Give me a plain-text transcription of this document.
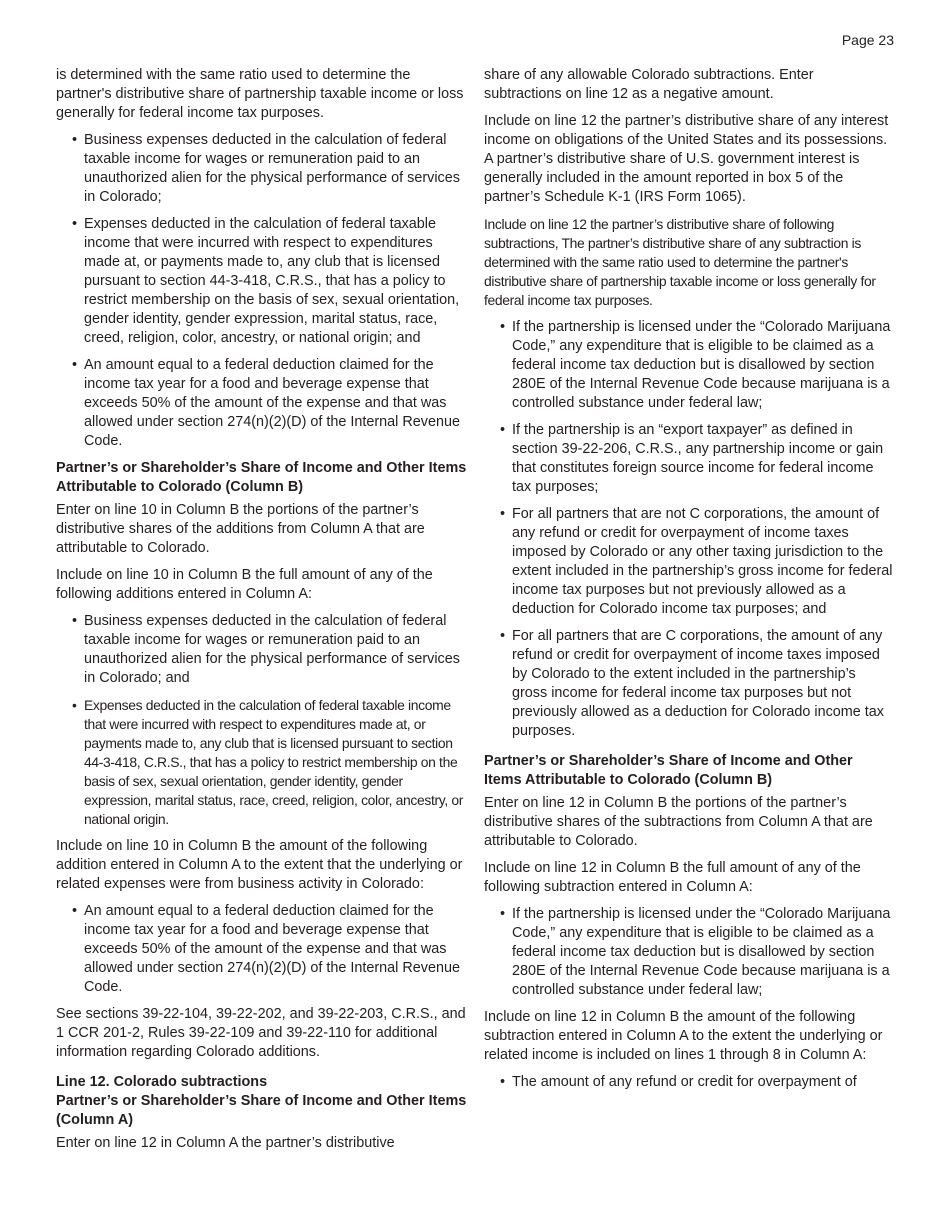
Page 23

is determined with the same ratio used to determine the partner's distributive share of partnership taxable income or loss generally for federal income tax purposes.

• Business expenses deducted in the calculation of federal taxable income for wages or remuneration paid to an unauthorized alien for the physical performance of services in Colorado;
• Expenses deducted in the calculation of federal taxable income that were incurred with respect to expenditures made at, or payments made to, any club that is licensed pursuant to section 44-3-418, C.R.S., that has a policy to restrict membership on the basis of sex, sexual orientation, gender identity, gender expression, marital status, race, creed, religion, color, ancestry, or national origin; and
• An amount equal to a federal deduction claimed for the income tax year for a food and beverage expense that exceeds 50% of the amount of the expense and that was allowed under section 274(n)(2)(D) of the Internal Revenue Code.
Partner’s or Shareholder’s Share of Income and Other Items Attributable to Colorado (Column B)

Enter on line 10 in Column B the portions of the partner’s distributive shares of the additions from Column A that are attributable to Colorado.

Include on line 10 in Column B the full amount of any of the following additions entered in Column A:

• Business expenses deducted in the calculation of federal taxable income for wages or remuneration paid to an unauthorized alien for the physical performance of services in Colorado; and
• Expenses deducted in the calculation of federal taxable income that were incurred with respect to expenditures made at, or payments made to, any club that is licensed pursuant to section 44-3-418, C.R.S., that has a policy to restrict membership on the basis of sex, sexual orientation, gender identity, gender expression, marital status, race, creed, religion, color, ancestry, or national origin.

Include on line 10 in Column B the amount of the following addition entered in Column A to the extent that the underlying or related expenses were from business activity in Colorado:

• An amount equal to a federal deduction claimed for the income tax year for a food and beverage expense that exceeds 50% of the amount of the expense and that was allowed under section 274(n)(2)(D) of the Internal Revenue Code.

See sections 39-22-104, 39-22-202, and 39-22-203, C.R.S., and 1 CCR 201-2, Rules 39-22-109 and 39-22-110 for additional information regarding Colorado additions.

Line 12. Colorado subtractions
Partner’s or Shareholder’s Share of Income and Other Items (Column A)

Enter on line 12 in Column A the partner’s distributive

share of any allowable Colorado subtractions. Enter subtractions on line 12 as a negative amount.

Include on line 12 the partner’s distributive share of any interest income on obligations of the United States and its possessions. A partner’s distributive share of U.S. government interest is generally included in the amount reported in box 5 of the partner’s Schedule K-1 (IRS Form 1065).

Include on line 12 the partner’s distributive share of following subtractions, The partner’s distributive share of any subtraction is determined with the same ratio used to determine the partner's distributive share of partnership taxable income or loss generally for federal income tax purposes.

• If the partnership is licensed under the “Colorado Marijuana Code,” any expenditure that is eligible to be claimed as a federal income tax deduction but is disallowed by section 280E of the Internal Revenue Code because marijuana is a controlled substance under federal law;
• If the partnership is an “export taxpayer” as defined in section 39-22-206, C.R.S., any partnership income or gain that constitutes foreign source income for federal income tax purposes;
• For all partners that are not C corporations, the amount of any refund or credit for overpayment of income taxes imposed by Colorado or any other taxing jurisdiction to the extent included in the partnership’s gross income for federal income tax purposes but not previously allowed as a deduction for Colorado income tax purposes; and
• For all partners that are C corporations, the amount of any refund or credit for overpayment of income taxes imposed by Colorado to the extent included in the partnership’s gross income for federal income tax purposes but not previously allowed as a deduction for Colorado income tax purposes.
Partner’s or Shareholder’s Share of Income and Other Items Attributable to Colorado (Column B)

Enter on line 12 in Column B the portions of the partner’s distributive shares of the subtractions from Column A that are attributable to Colorado.

Include on line 12 in Column B the full amount of any of the following subtraction entered in Column A:

• If the partnership is licensed under the “Colorado Marijuana Code,” any expenditure that is eligible to be claimed as a federal income tax deduction but is disallowed by section 280E of the Internal Revenue Code because marijuana is a controlled substance under federal law;

Include on line 12 in Column B the amount of the following subtraction entered in Column A to the extent the underlying or related income is included on lines 1 through 8 in Column A:

• The amount of any refund or credit for overpayment of
